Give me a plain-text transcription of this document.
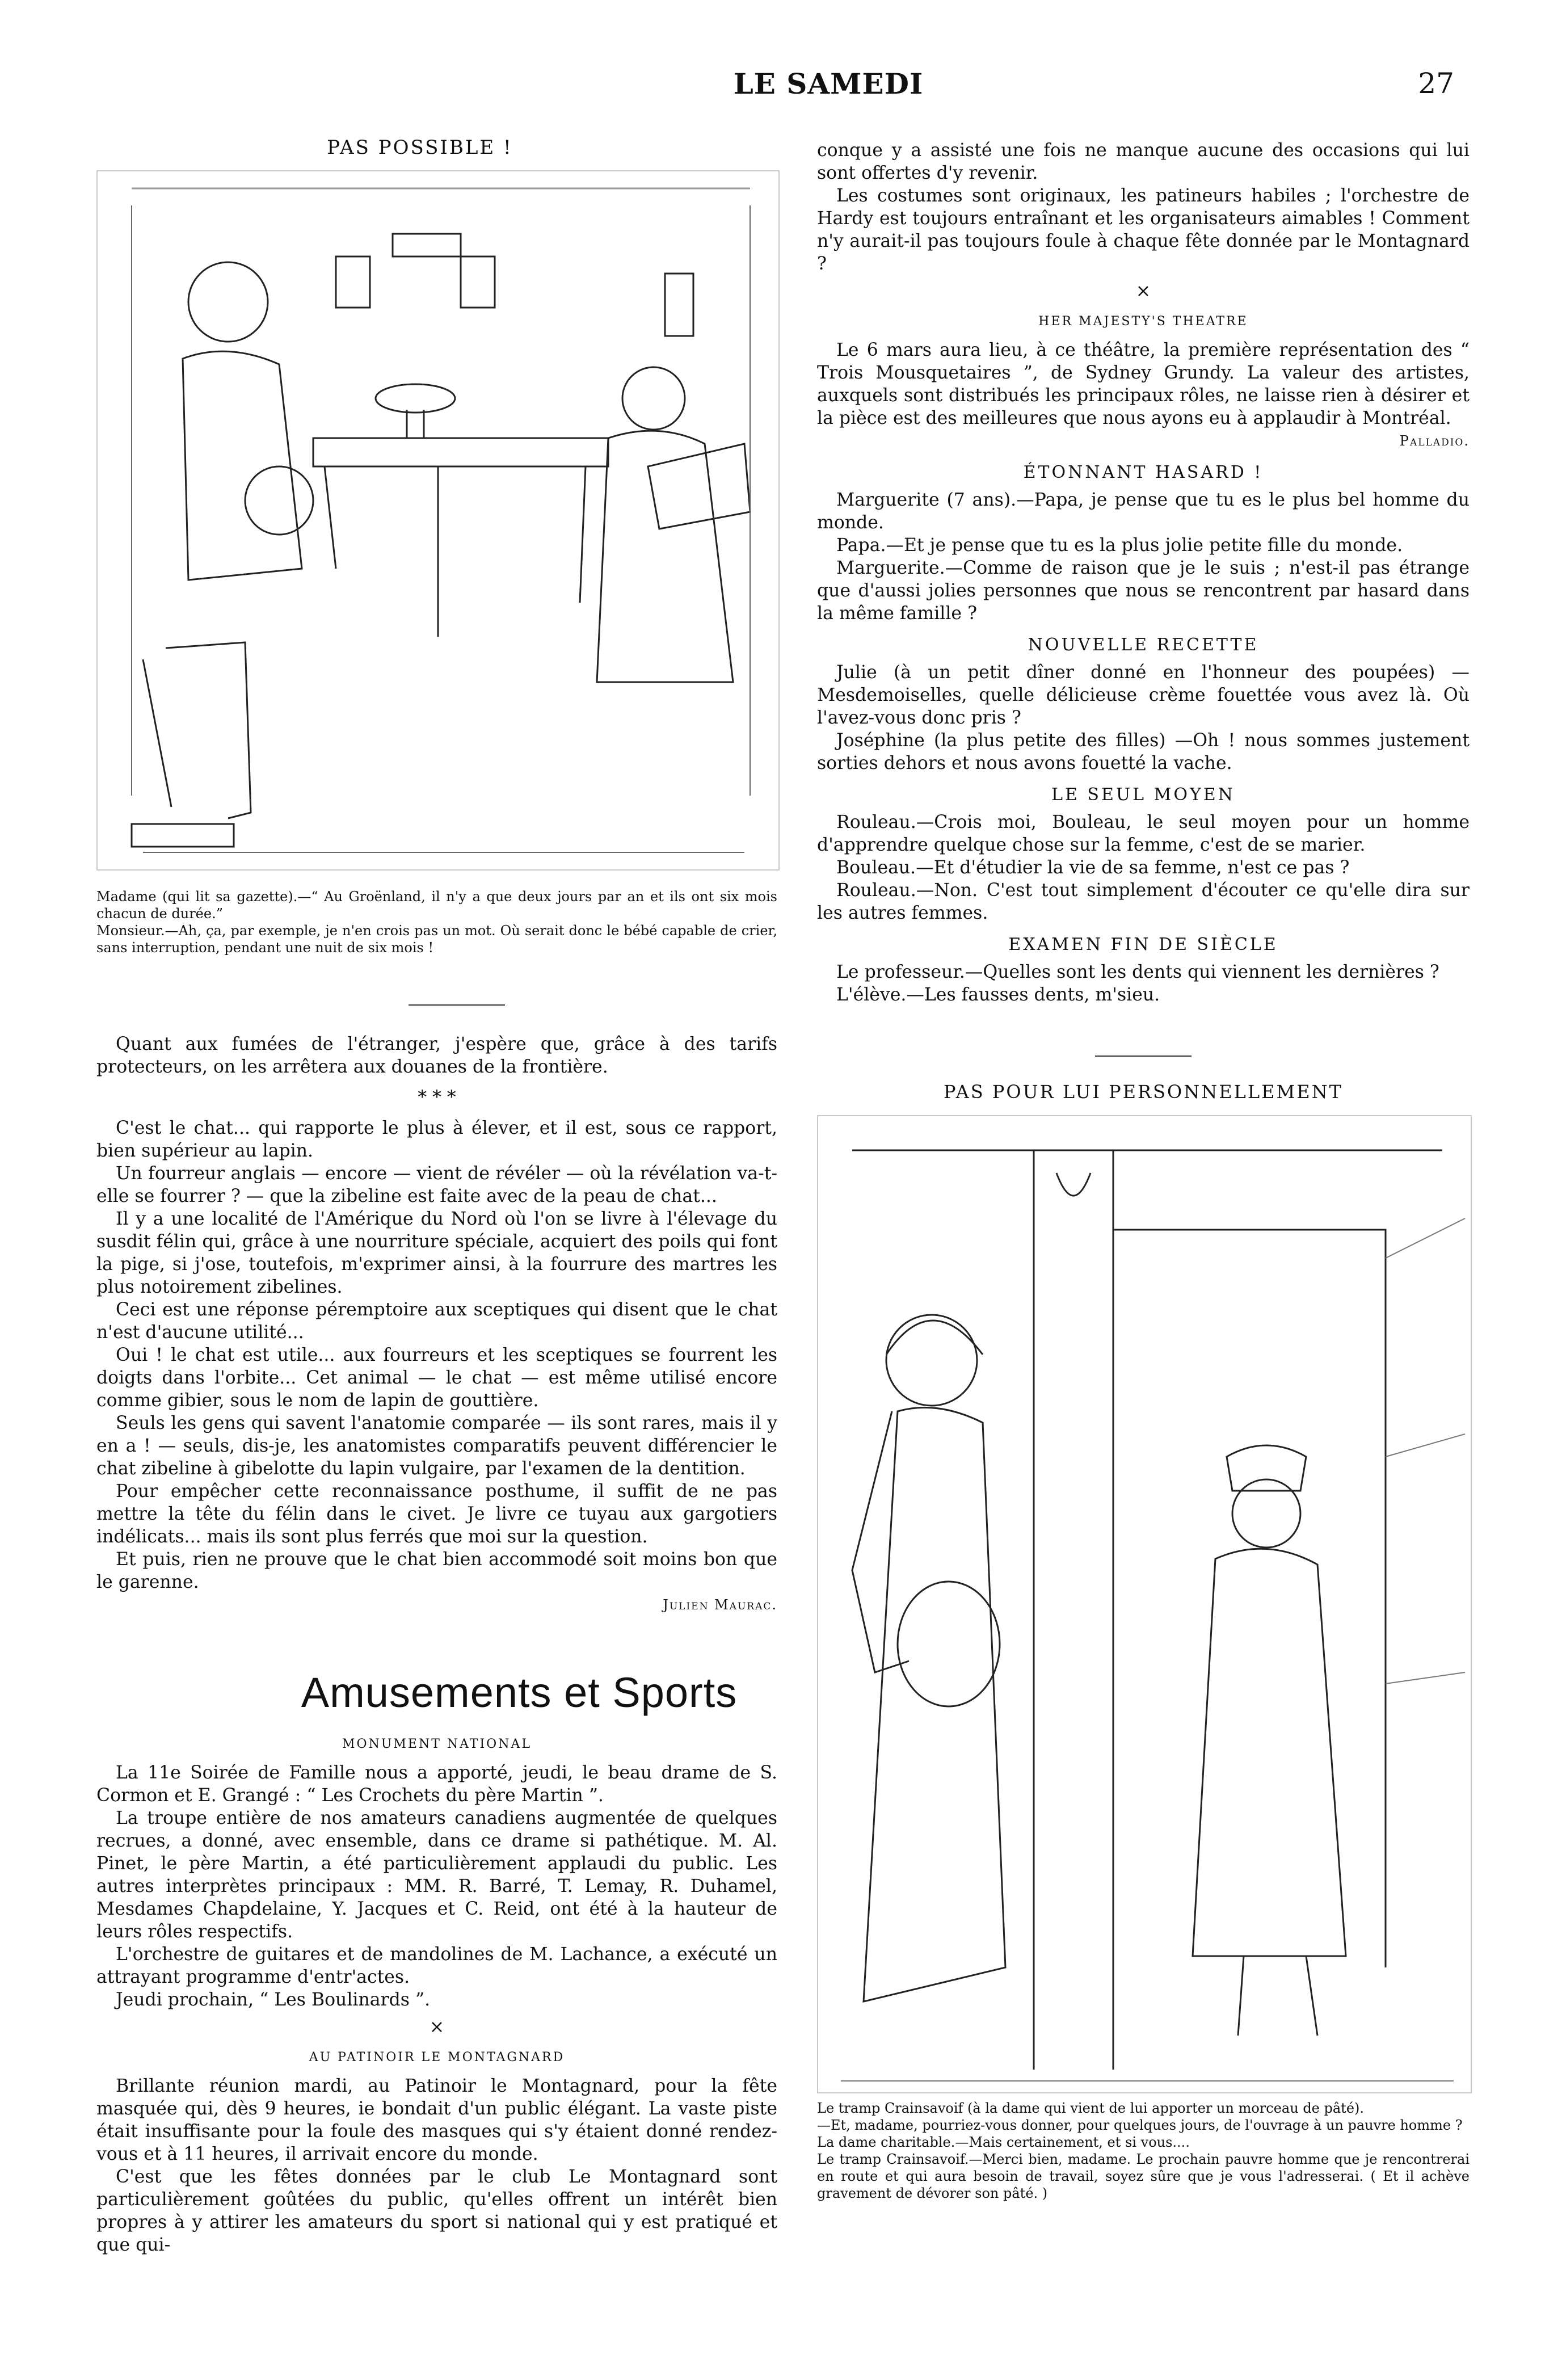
LE SAMEDI	27
PAS POSSIBLE !

Madame (qui lit sa gazette).—“ Au Groënland, il n'y a que deux jours par an et ils ont six mois chacun de durée.”

Monsieur.—Ah, ça, par exemple, je n'en crois pas un mot. Où serait donc le bébé capable de crier, sans interruption, pendant une nuit de six mois !

Quant aux fumées de l'étranger, j'espère que, grâce à des tarifs protecteurs, on les arrêtera aux douanes de la frontière.

* * *

C'est le chat... qui rapporte le plus à élever, et il est, sous ce rapport, bien supérieur au lapin.

Un fourreur anglais — encore — vient de révéler — où la révélation va-t-elle se fourrer ? — que la zibeline est faite avec de la peau de chat...

Il y a une localité de l'Amérique du Nord où l'on se livre à l'élevage du susdit félin qui, grâce à une nourriture spéciale, acquiert des poils qui font la pige, si j'ose, toutefois, m'exprimer ainsi, à la fourrure des martres les plus notoirement zibelines.

Ceci est une réponse péremptoire aux sceptiques qui disent que le chat n'est d'aucune utilité...

Oui ! le chat est utile... aux fourreurs et les sceptiques se fourrent les doigts dans l'orbite... Cet animal — le chat — est même utilisé encore comme gibier, sous le nom de lapin de gouttière.

Seuls les gens qui savent l'anatomie comparée — ils sont rares, mais il y en a ! — seuls, dis-je, les anatomistes comparatifs peuvent différencier le chat zibeline à gibelotte du lapin vulgaire, par l'examen de la dentition.

Pour empêcher cette reconnaissance posthume, il suffit de ne pas mettre la tête du félin dans le civet. Je livre ce tuyau aux gargotiers indélicats... mais ils sont plus ferrés que moi sur la question.

Et puis, rien ne prouve que le chat bien accommodé soit moins bon que le garenne.

Julien Maurac.
Amusements et Sports
MONUMENT NATIONAL

La 11e Soirée de Famille nous a apporté, jeudi, le beau drame de S. Cormon et E. Grangé : “ Les Crochets du père Martin ”.

La troupe entière de nos amateurs canadiens augmentée de quelques recrues, a donné, avec ensemble, dans ce drame si pathétique. M. Al. Pinet, le père Martin, a été particulièrement applaudi du public. Les autres interprètes principaux : MM. R. Barré, T. Lemay, R. Duhamel, Mesdames Chapdelaine, Y. Jacques et C. Reid, ont été à la hauteur de leurs rôles respectifs.

L'orchestre de guitares et de mandolines de M. Lachance, a exécuté un attrayant programme d'entr'actes.

Jeudi prochain, “ Les Boulinards ”.

×
AU PATINOIR LE MONTAGNARD

Brillante réunion mardi, au Patinoir le Montagnard, pour la fête masquée qui, dès 9 heures, ie bondait d'un public élégant. La vaste piste était insuffisante pour la foule des masques qui s'y étaient donné rendez-vous et à 11 heures, il arrivait encore du monde.

C'est que les fêtes données par le club Le Montagnard sont particulièrement goûtées du public, qu'elles offrent un intérêt bien propres à y attirer les amateurs du sport si national qui y est pratiqué et que qui-

conque y a assisté une fois ne manque aucune des occasions qui lui sont offertes d'y revenir.

Les costumes sont originaux, les patineurs habiles ; l'orchestre de Hardy est toujours entraînant et les organisateurs aimables ! Comment n'y aurait-il pas toujours foule à chaque fête donnée par le Montagnard ?

×
HER MAJESTY'S THEATRE

Le 6 mars aura lieu, à ce théâtre, la première représentation des “ Trois Mousquetaires ”, de Sydney Grundy. La valeur des artistes, auxquels sont distribués les principaux rôles, ne laisse rien à désirer et la pièce est des meilleures que nous ayons eu à applaudir à Montréal.

Palladio.
ÉTONNANT HASARD !

Marguerite (7 ans).—Papa, je pense que tu es le plus bel homme du monde.

Papa.—Et je pense que tu es la plus jolie petite fille du monde.

Marguerite.—Comme de raison que je le suis ; n'est-il pas étrange que d'aussi jolies personnes que nous se rencontrent par hasard dans la même famille ?

NOUVELLE RECETTE

Julie (à un petit dîner donné en l'honneur des poupées) —Mesdemoiselles, quelle délicieuse crème fouettée vous avez là. Où l'avez-vous donc pris ?

Joséphine (la plus petite des filles) —Oh ! nous sommes justement sorties dehors et nous avons fouetté la vache.

LE SEUL MOYEN

Rouleau.—Crois moi, Bouleau, le seul moyen pour un homme d'apprendre quelque chose sur la femme, c'est de se marier.

Bouleau.—Et d'étudier la vie de sa femme, n'est ce pas ?

Rouleau.—Non. C'est tout simplement d'écouter ce qu'elle dira sur les autres femmes.

EXAMEN FIN DE SIÈCLE

Le professeur.—Quelles sont les dents qui viennent les dernières ?

L'élève.—Les fausses dents, m'sieu.

PAS POUR LUI PERSONNELLEMENT

Le tramp Crainsavoif (à la dame qui vient de lui apporter un morceau de pâté).

—Et, madame, pourriez-vous donner, pour quelques jours, de l'ouvrage à un pauvre homme ?

La dame charitable.—Mais certainement, et si vous....

Le tramp Crainsavoif.—Merci bien, madame. Le prochain pauvre homme que je rencontrerai en route et qui aura besoin de travail, soyez sûre que je vous l'adresserai. ( Et il achève gravement de dévorer son pâté. )
